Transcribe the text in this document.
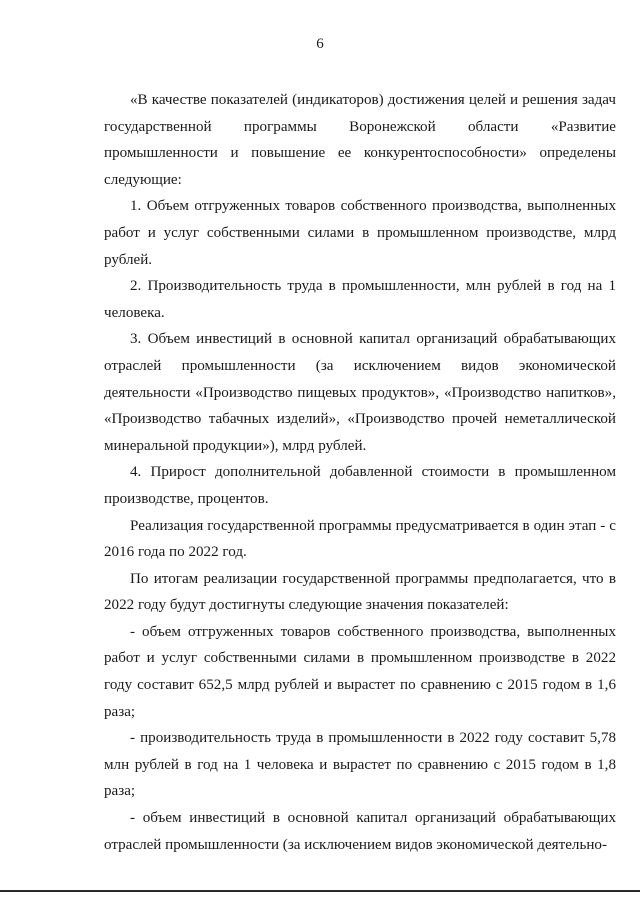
6

«В качестве показателей (индикаторов) достижения целей и решения задач государственной программы Воронежской области «Развитие промышленности и повышение ее конкурентоспособности» определены следующие:

1. Объем отгруженных товаров собственного производства, выполненных работ и услуг собственными силами в промышленном производстве, млрд рублей.

2. Производительность труда в промышленности, млн рублей в год на 1 человека.

3. Объем инвестиций в основной капитал организаций обрабатывающих отраслей промышленности (за исключением видов экономической деятельности «Производство пищевых продуктов», «Производство напитков», «Производство табачных изделий», «Производство прочей неметаллической минеральной продукции»), млрд рублей.

4. Прирост дополнительной добавленной стоимости в промышленном производстве, процентов.

Реализация государственной программы предусматривается в один этап - с 2016 года по 2022 год.

По итогам реализации государственной программы предполагается, что в 2022 году будут достигнуты следующие значения показателей:

- объем отгруженных товаров собственного производства, выполненных работ и услуг собственными силами в промышленном производстве в 2022 году составит 652,5 млрд рублей и вырастет по сравнению с 2015 годом в 1,6 раза;

- производительность труда в промышленности в 2022 году составит 5,78 млн рублей в год на 1 человека и вырастет по сравнению с 2015 годом в 1,8 раза;

- объем инвестиций в основной капитал организаций обрабатывающих отраслей промышленности (за исключением видов экономической деятельно-
